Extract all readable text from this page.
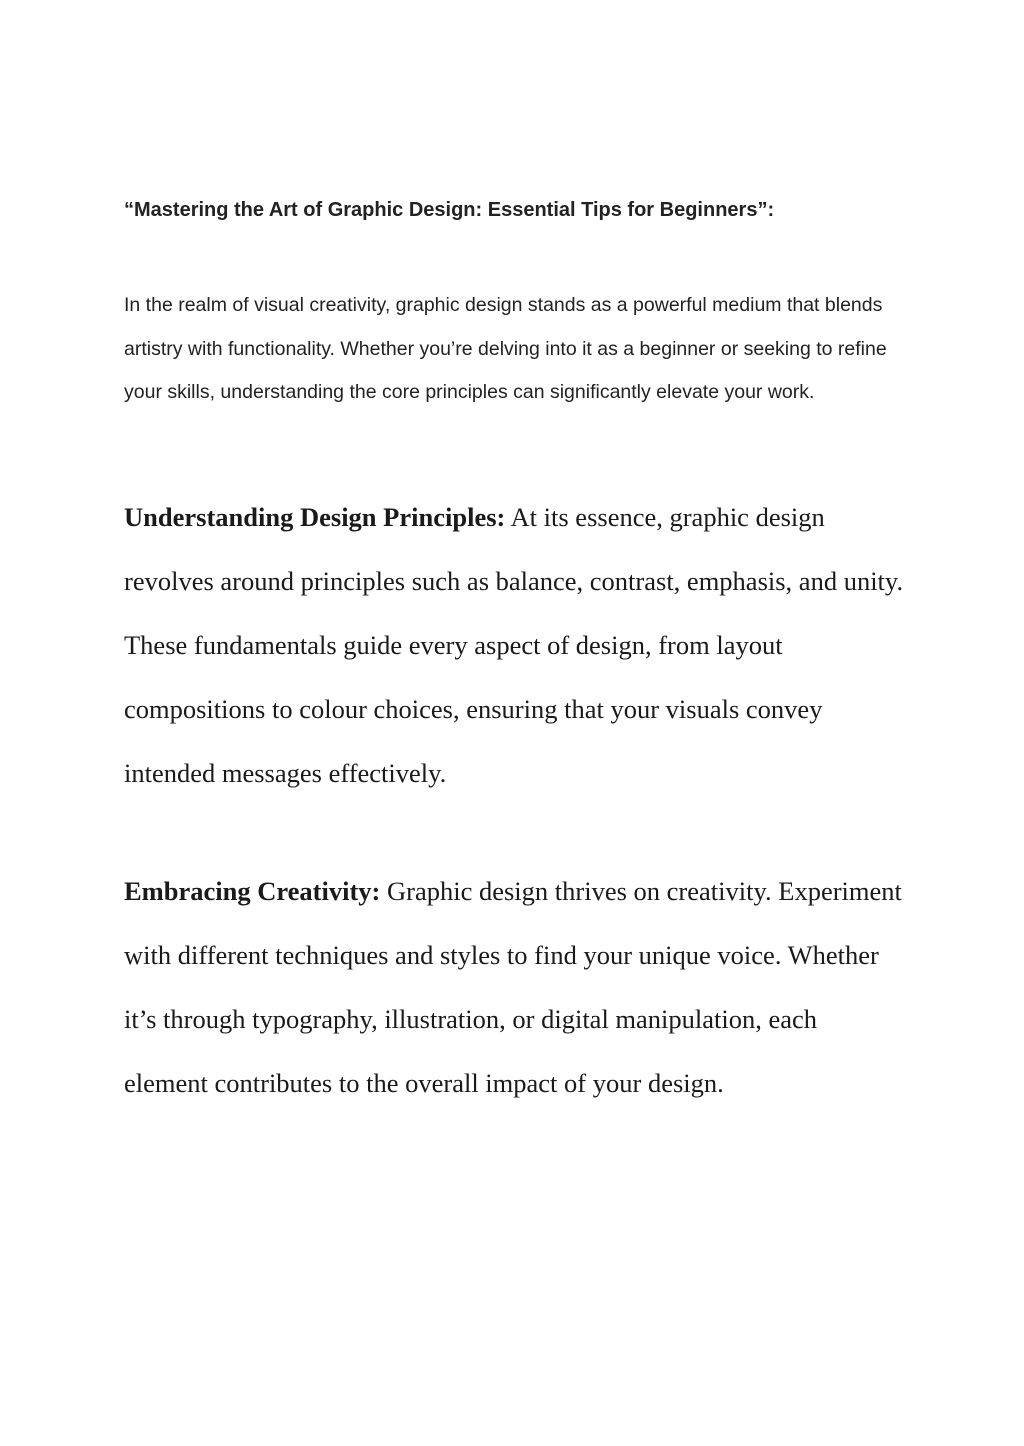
“Mastering the Art of Graphic Design: Essential Tips for Beginners”:

In the realm of visual creativity, graphic design stands as a powerful medium that blends artistry with functionality. Whether you’re delving into it as a beginner or seeking to refine your skills, understanding the core principles can significantly elevate your work.

Understanding Design Principles: At its essence, graphic design revolves around principles such as balance, contrast, emphasis, and unity. These fundamentals guide every aspect of design, from layout compositions to colour choices, ensuring that your visuals convey intended messages effectively.

Embracing Creativity: Graphic design thrives on creativity. Experiment with different techniques and styles to find your unique voice. Whether it’s through typography, illustration, or digital manipulation, each element contributes to the overall impact of your design.
